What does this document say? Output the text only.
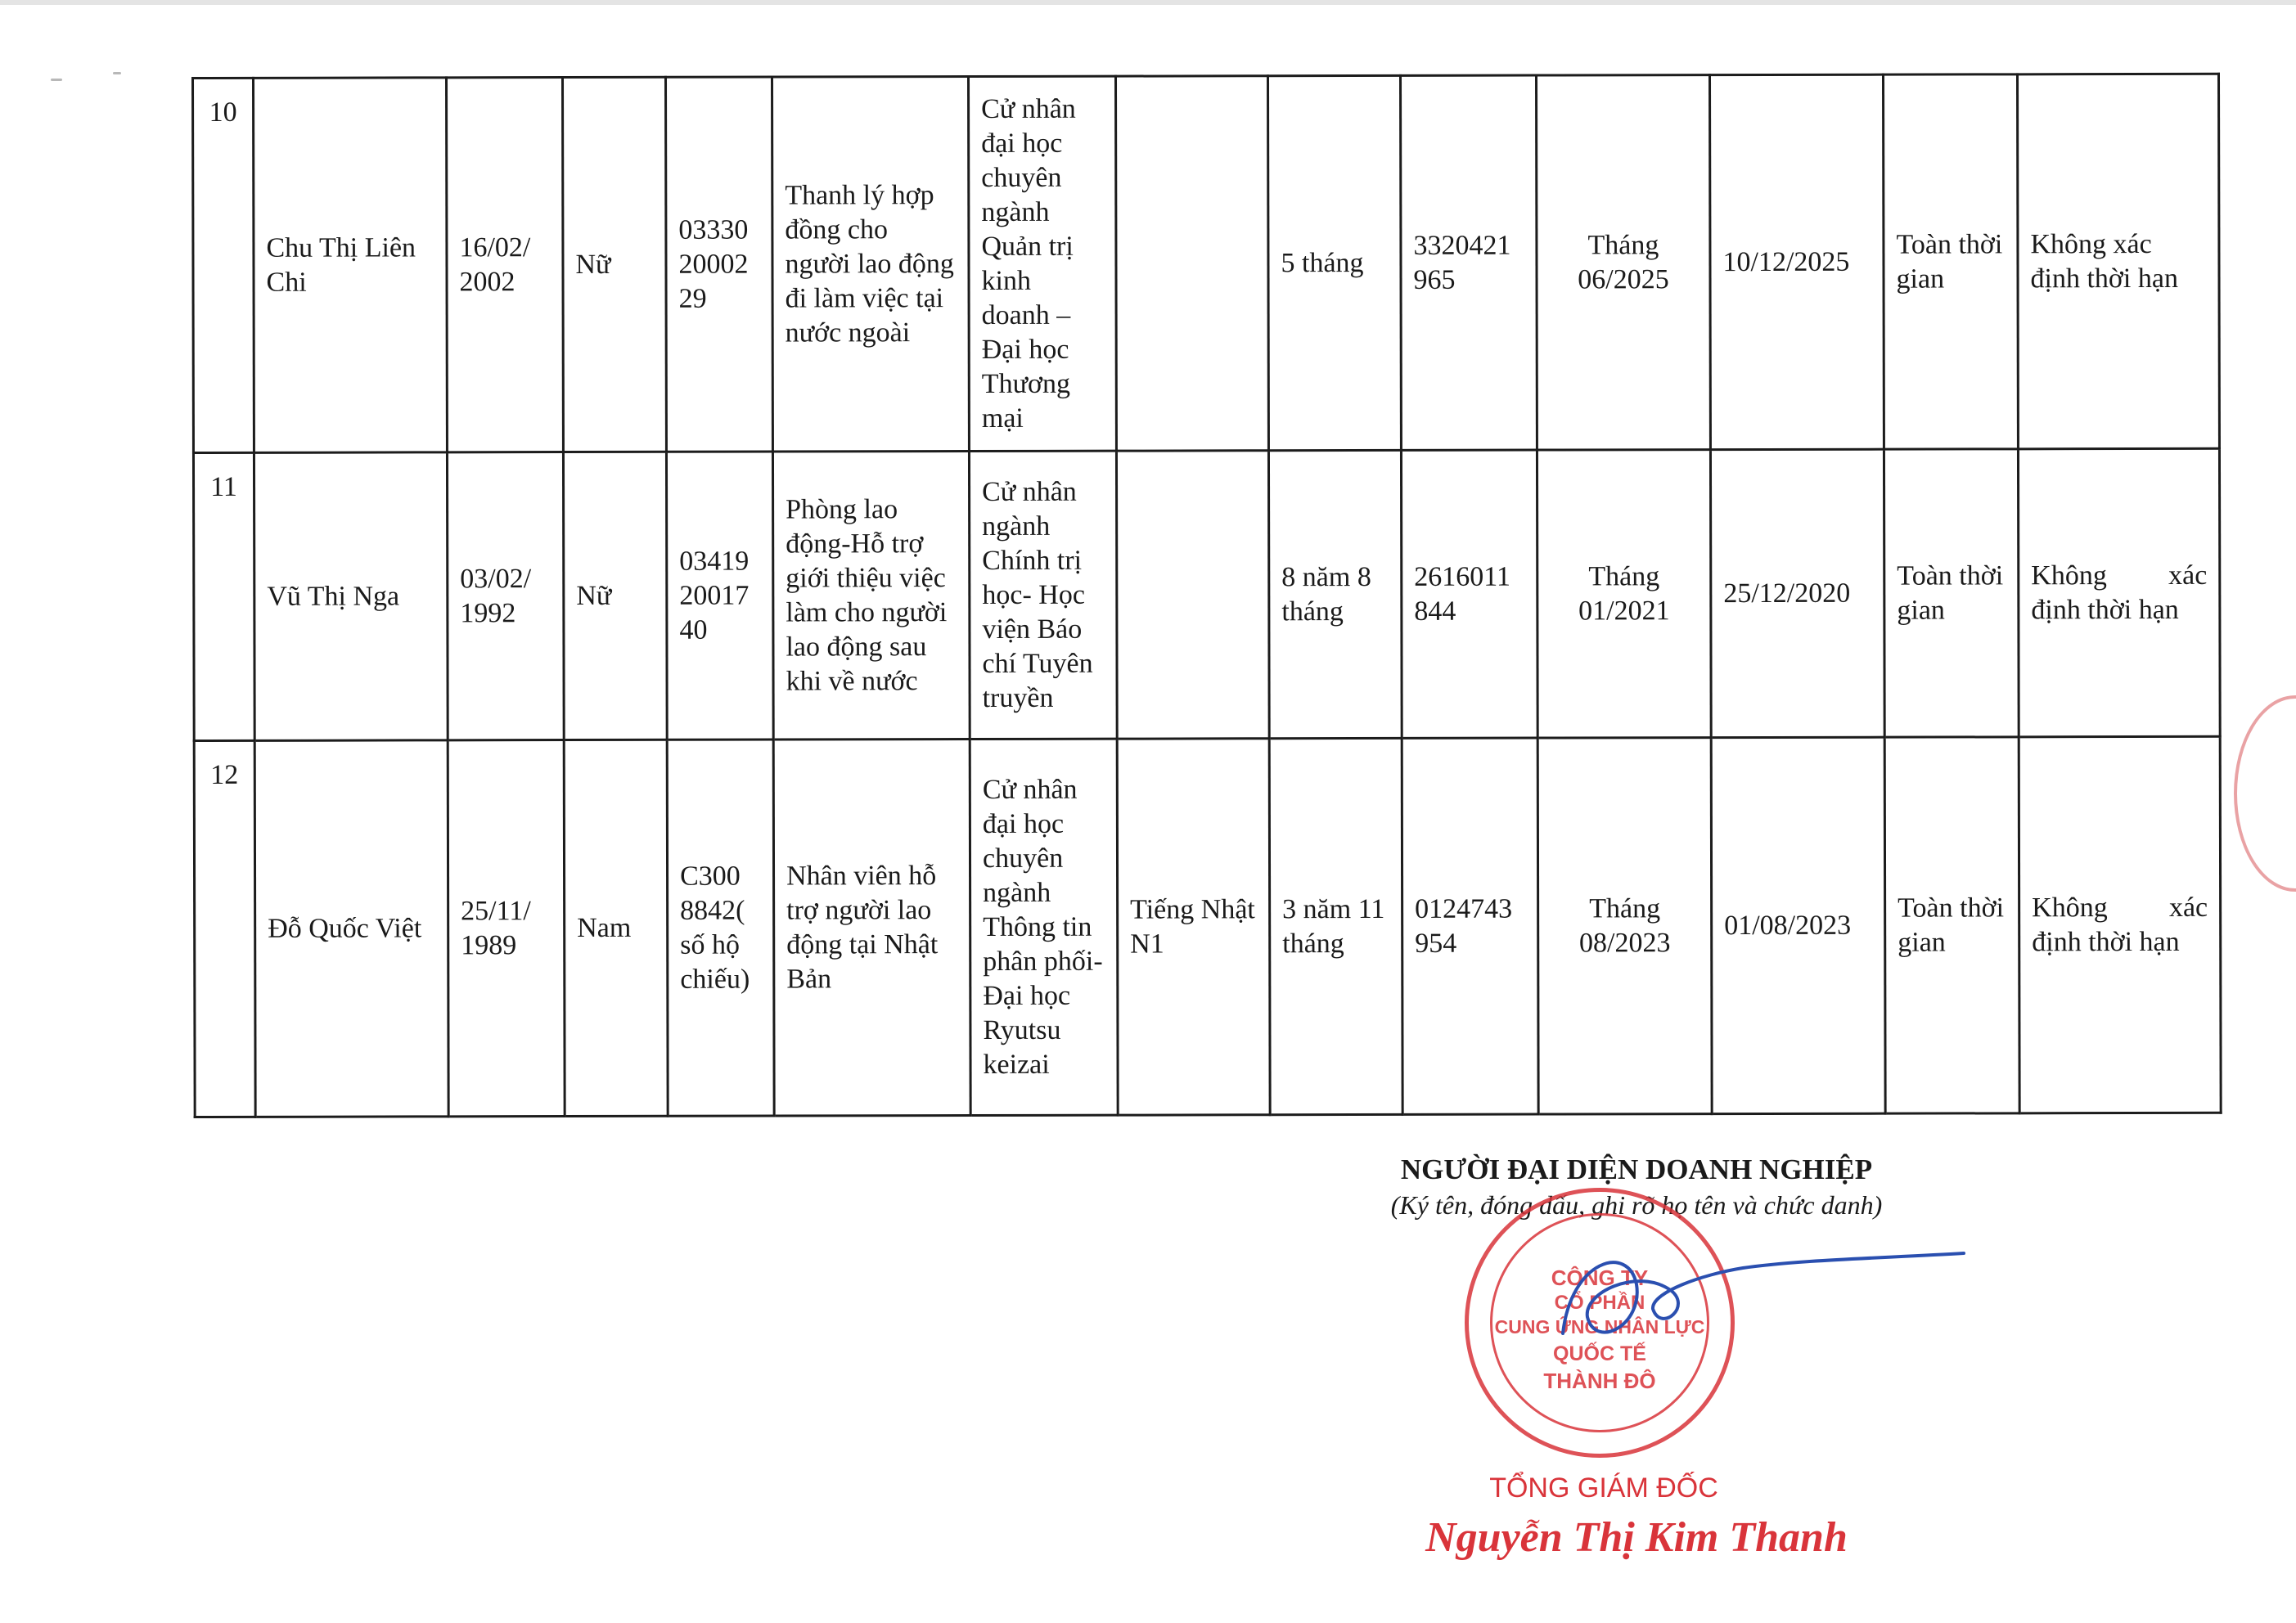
10	Chu Thị Liên Chi	16/02/ 2002	Nữ	03330 20002 29	Thanh lý hợp đồng cho người lao động đi làm việc tại nước ngoài	Cử nhân đại học chuyên ngành Quản trị kinh doanh – Đại học Thương mại		5 tháng	3320421 965	Tháng 06/2025	10/12/2025	Toàn thời gian	Không xác định thời hạn
11	Vũ Thị Nga	03/02/ 1992	Nữ	03419 20017 40	Phòng lao động-Hỗ trợ giới thiệu việc làm cho người lao động sau khi về nước	Cử nhân ngành Chính trị học- Học viện Báo chí Tuyên truyền		8 năm 8 tháng	2616011 844	Tháng 01/2021	25/12/2020	Toàn thời gian	Không xác định thời hạn
12	Đỗ Quốc Việt	25/11/ 1989	Nam	C300 8842( số hộ chiếu)	Nhân viên hỗ trợ người lao động tại Nhật Bản	Cử nhân đại học chuyên ngành Thông tin phân phối- Đại học Ryutsu keizai	Tiếng Nhật N1	3 năm 11 tháng	0124743 954	Tháng 08/2023	01/08/2023	Toàn thời gian	Không xác định thời hạn
NGƯỜI ĐẠI DIỆN DOANH NGHIỆP
(Ký tên, đóng dấu, ghi rõ họ tên và chức danh)
CÔNG TY
CỔ PHẦN
CUNG ỨNG NHÂN LỰC
QUỐC TẾ
THÀNH ĐÔ
TỔNG GIÁM ĐỐC
Nguyễn Thị Kim Thanh
